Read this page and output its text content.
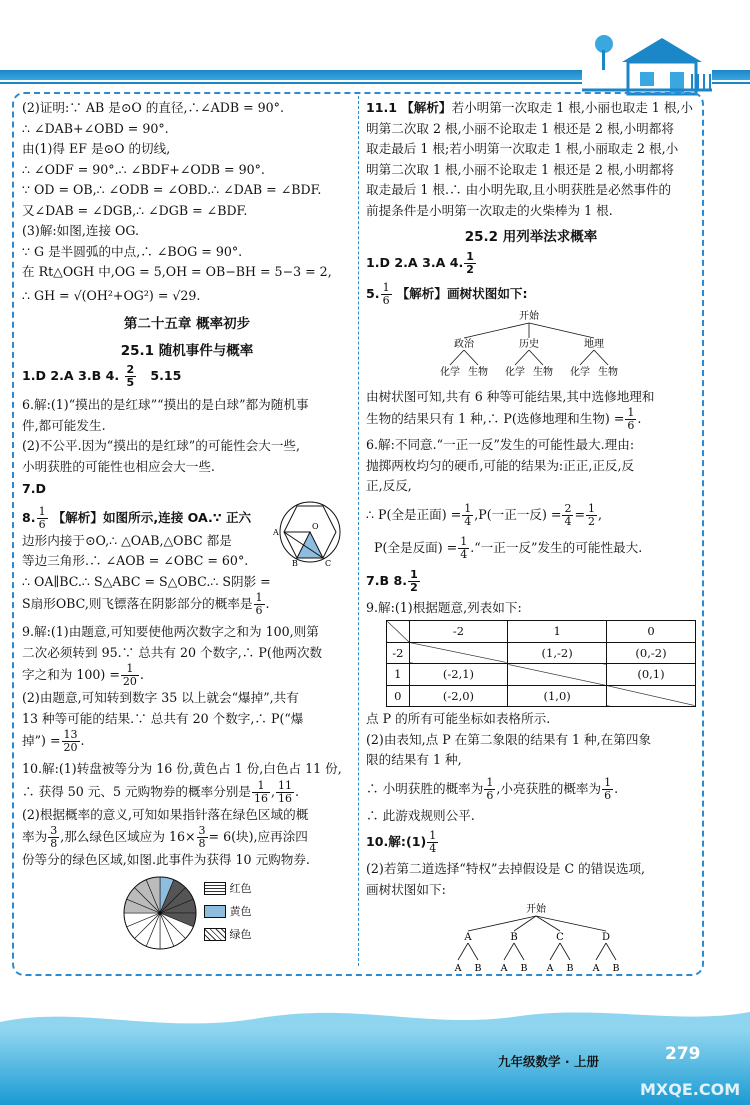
(2)证明:∵ AB 是⊙O 的直径,∴∠ADB = 90°.
∴ ∠DAB+∠OBD = 90°.
由(1)得 EF 是⊙O 的切线,
∴ ∠ODF = 90°.∴ ∠BDF+∠ODB = 90°.
∵ OD = OB,∴ ∠ODB = ∠OBD.∴ ∠DAB = ∠BDF.
又∠DAB = ∠DGB,∴ ∠DGB = ∠BDF.
(3)解:如图,连接 OG.
∵ G 是半圆弧的中点,∴ ∠BOG = 90°.
在 Rt△OGH 中,OG = 5,OH = OB−BH = 5−3 = 2,
∴ GH = √(OH²+OG²) = √29.
第二十五章 概率初步
25.1 随机事件与概率
1.D 2.A 3.B 4. $\frac{2}{5} 5.15$
6.解:(1)“摸出的是红球”“摸出的是白球”都为随机事
件,都可能发生.
(2)不公平.因为“摸出的是红球”的可能性会大一些,
小明获胜的可能性也相应会大一些.
7.D
8. $\frac{1}{6}$ 【解析】如图所示,连接 OA.∵ 正六
边形内接于⊙O,∴ △OAB,△OBC 都是
等边三角形.∴ ∠AOB = ∠OBC = 60°.
∴ OA∥BC.∴ S△ABC = S△OBC.∴ S阴影 =
S扇形OBC,则飞镖落在阴影部分的概率是 $\frac{1}{6}$ .
A
B	C
O
9.解:(1)由题意,可知要使他两次数字之和为 100,则第
二次必须转到 95.∵ 总共有 20 个数字,∴ P(他两次数
字之和为 $100) = \frac{1}{20}$ .
(2)由题意,可知转到数字 35 以上就会“爆掉”,共有
13 种等可能的结果.∵ 总共有 20 个数字,∴ P(“爆
掉”) = $\frac{13}{20}$ .
10.解:(1)转盘被等分为 16 份,黄色占 1 份,白色占 11 份,
∴ 获得 50 元、5 元购物券的概率分别是 $\frac{1}{16}$ , $\frac{11}{16}$ .
(2)根据概率的意义,可知如果指针落在绿色区域的概
率为 $\frac{3}{8}$ ,那么绿色区域应为 $16\times \frac{3}{8} = 6$(块),应再涂四
份等分的绿色区域,如图.此事件为获得 10 元购物券.
红色
黄色
绿色
11.1 【解析】若小明第一次取走 1 根,小丽也取走 1 根,小
明第二次取 2 根,小丽不论取走 1 根还是 2 根,小明都将
取走最后 1 根;若小明第一次取走 1 根,小丽取走 2 根,小
明第二次取 1 根,小丽不论取走 1 根还是 2 根,小明都将
取走最后 1 根.∴ 由小明先取,且小明获胜是必然事件的
前提条件是小明第一次取走的火柴棒为 1 根.
25.2 用列举法求概率
1.D 2.A 3.A 4. $\frac{1}{2}$
5. $\frac{1}{6}$ 【解析】画树状图如下:
开始
政治	历史	地理
化学 生物 化学 生物 化学 生物
由树状图可知,共有 6 种等可能结果,其中选修地理和
生物的结果只有 1 种,∴ P(选修地理和生物) = $\frac{1}{6}$ .
6.解:不同意.“一正一反”发生的可能性最大.理由:
抛掷两枚均匀的硬币,可能的结果为:正正,正反,反
正,反反,
∴ P(全是正面) = $\frac{1}{4} ,P$(一正一反) = $\frac{2}{4} = \frac{1}{2}$ ,
P(全是反面) = $\frac{1}{4}$ .“一正一反”发生的可能性最大.
7.B 8. $\frac{1}{2}$
9.解:(1)根据题意,列表如下:
	-2	1	0
-2		(1,-2)	(0,-2)
1	(-2,1)		(0,1)
0	(-2,0)	(1,0)	
点 P 的所有可能坐标如表格所示.
(2)由表知,点 P 在第二象限的结果有 1 种,在第四象
限的结果有 1 种,
∴ 小明获胜的概率为 $\frac{1}{6}$ ,小亮获胜的概率为 $\frac{1}{6}$ .
∴ 此游戏规则公平.
10.解:(1) $\frac{1}{4}$
(2)若第二道选择“特权”去掉假设是 C 的错误选项,
画树状图如下:
开始
A	B	C	D
A B A B A B A B
九年级数学 · 上册	279
MXQE.COM
